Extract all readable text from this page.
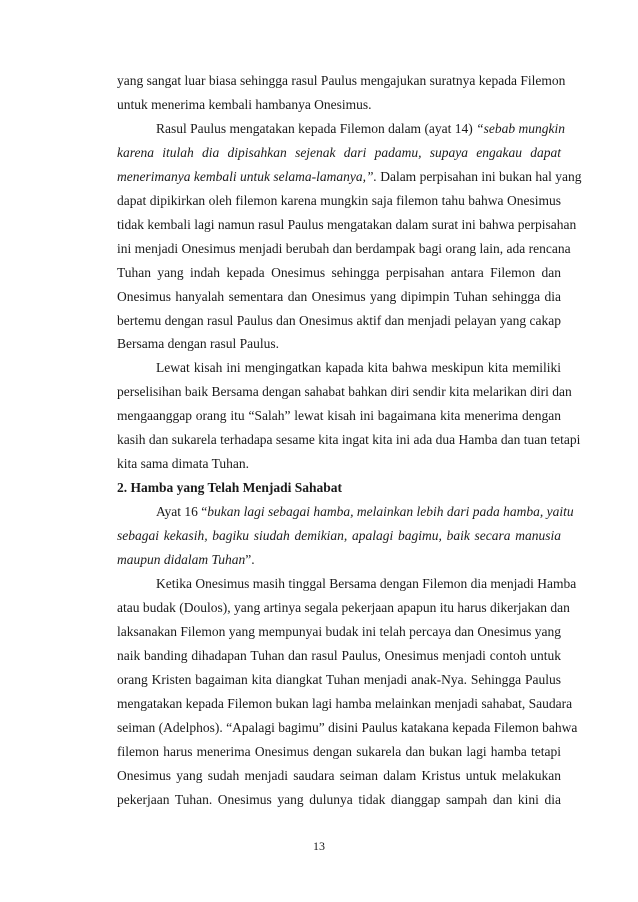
yang sangat luar biasa sehingga rasul Paulus mengajukan suratnya kepada Filemon
untuk menerima kembali hambanya Onesimus.
Rasul Paulus mengatakan kepada Filemon dalam (ayat 14) “sebab mungkin
karena itulah dia dipisahkan sejenak dari padamu, supaya engakau dapat
menerimanya kembali untuk selama-lamanya,”. Dalam perpisahan ini bukan hal yang
dapat dipikirkan oleh filemon karena mungkin saja filemon tahu bahwa Onesimus
tidak kembali lagi namun rasul Paulus mengatakan dalam surat ini bahwa perpisahan
ini menjadi Onesimus menjadi berubah dan berdampak bagi orang lain, ada rencana
Tuhan yang indah kepada Onesimus sehingga perpisahan antara Filemon dan
Onesimus hanyalah sementara dan Onesimus yang dipimpin Tuhan sehingga dia
bertemu dengan rasul Paulus dan Onesimus aktif dan menjadi pelayan yang cakap
Bersama dengan rasul Paulus.
Lewat kisah ini mengingatkan kapada kita bahwa meskipun kita memiliki
perselisihan baik Bersama dengan sahabat bahkan diri sendir kita melarikan diri dan
mengaanggap orang itu “Salah” lewat kisah ini bagaimana kita menerima dengan
kasih dan sukarela terhadapa sesame kita ingat kita ini ada dua Hamba dan tuan tetapi
kita sama dimata Tuhan.
2. Hamba yang Telah Menjadi Sahabat
Ayat 16 “bukan lagi sebagai hamba, melainkan lebih dari pada hamba, yaitu
sebagai kekasih, bagiku siudah demikian, apalagi bagimu, baik secara manusia
maupun didalam Tuhan”.
Ketika Onesimus masih tinggal Bersama dengan Filemon dia menjadi Hamba
atau budak (Doulos), yang artinya segala pekerjaan apapun itu harus dikerjakan dan
laksanakan Filemon yang mempunyai budak ini telah percaya dan Onesimus yang
naik banding dihadapan Tuhan dan rasul Paulus, Onesimus menjadi contoh untuk
orang Kristen bagaiman kita diangkat Tuhan menjadi anak-Nya. Sehingga Paulus
mengatakan kepada Filemon bukan lagi hamba melainkan menjadi sahabat, Saudara
seiman (Adelphos). “Apalagi bagimu” disini Paulus katakana kepada Filemon bahwa
filemon harus menerima Onesimus dengan sukarela dan bukan lagi hamba tetapi
Onesimus yang sudah menjadi saudara seiman dalam Kristus untuk melakukan
pekerjaan Tuhan. Onesimus yang dulunya tidak dianggap sampah dan kini dia
13
